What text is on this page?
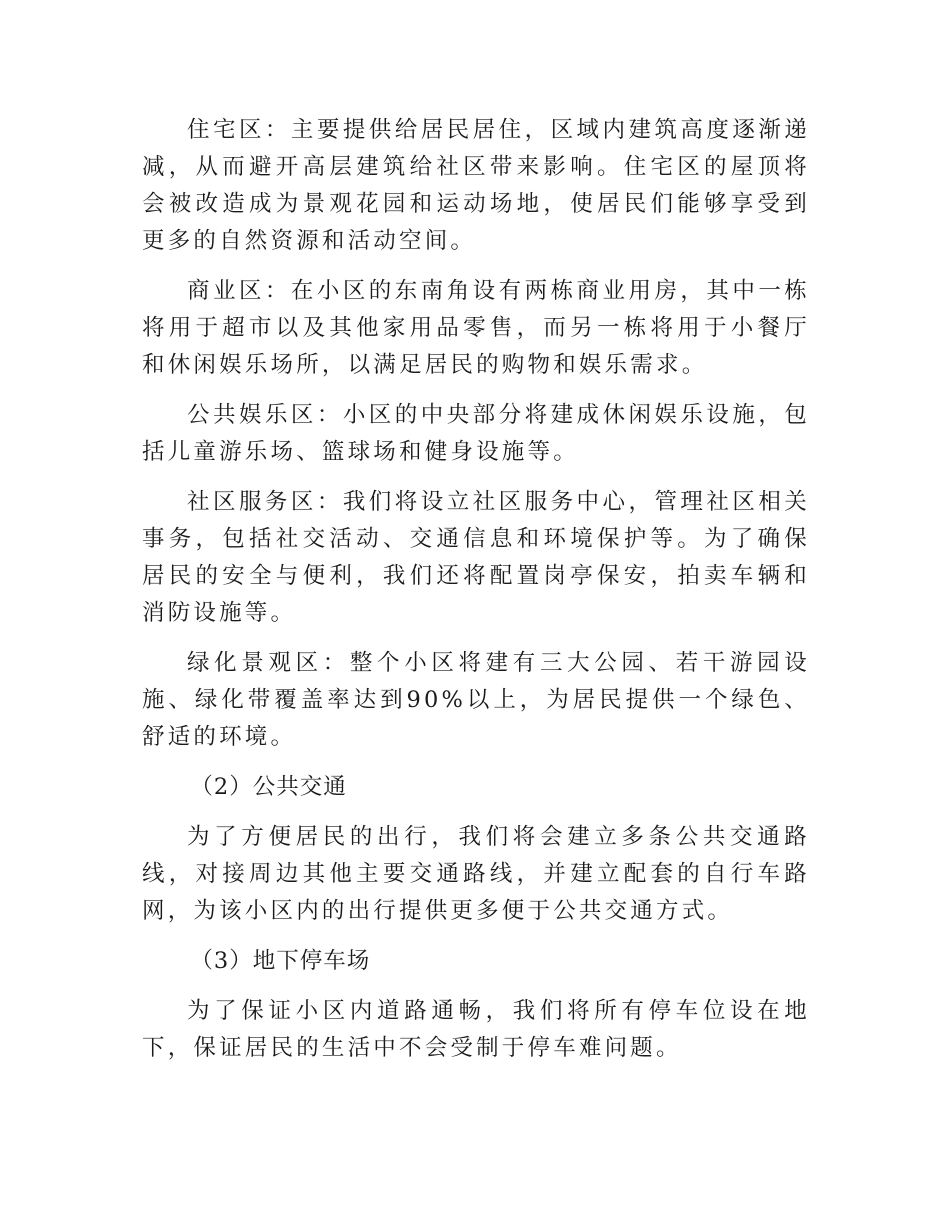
住宅区：主要提供给居民居住，区域内建筑高度逐渐递减，从而避开高层建筑给社区带来影响。住宅区的屋顶将会被改造成为景观花园和运动场地，使居民们能够享受到更多的自然资源和活动空间。

商业区：在小区的东南角设有两栋商业用房，其中一栋将用于超市以及其他家用品零售，而另一栋将用于小餐厅和休闲娱乐场所，以满足居民的购物和娱乐需求。

公共娱乐区：小区的中央部分将建成休闲娱乐设施，包括儿童游乐场、篮球场和健身设施等。

社区服务区：我们将设立社区服务中心，管理社区相关事务，包括社交活动、交通信息和环境保护等。为了确保居民的安全与便利，我们还将配置岗亭保安，拍卖车辆和消防设施等。

绿化景观区：整个小区将建有三大公园、若干游园设施、绿化带覆盖率达到90%以上，为居民提供一个绿色、舒适的环境。

（2）公共交通

为了方便居民的出行，我们将会建立多条公共交通路线，对接周边其他主要交通路线，并建立配套的自行车路网，为该小区内的出行提供更多便于公共交通方式。

（3）地下停车场

为了保证小区内道路通畅，我们将所有停车位设在地下，保证居民的生活中不会受制于停车难问题。
